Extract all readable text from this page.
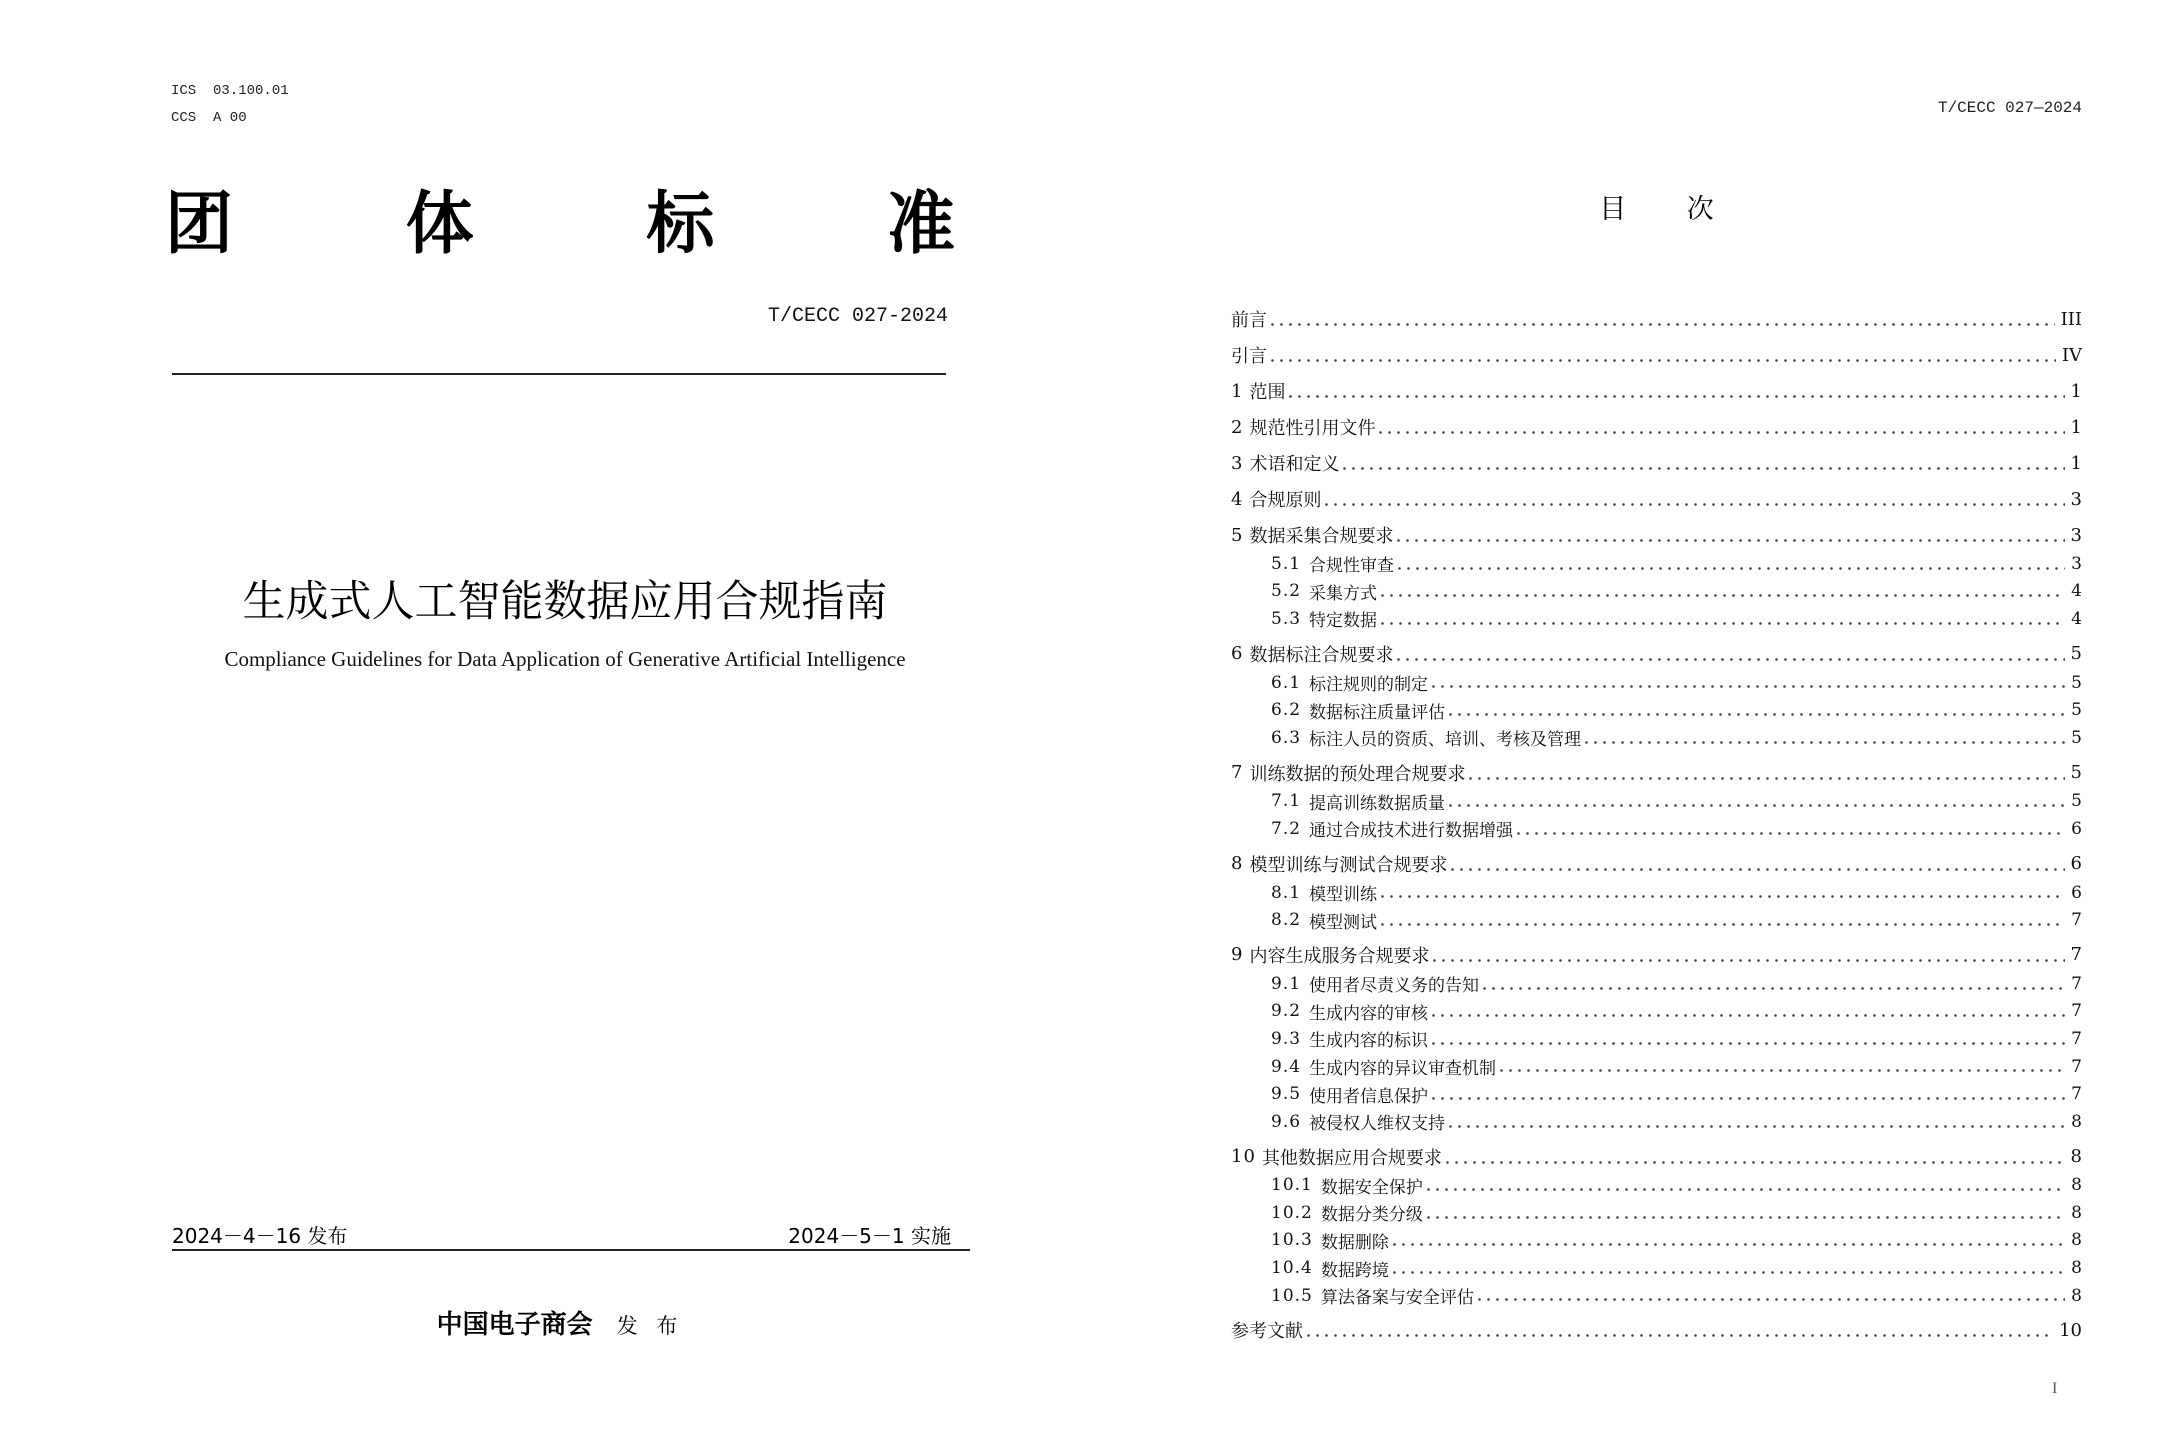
ICS  03.100.01
CCS  A 00
团	体	标	准
T/CECC 027-2024
生成式人工智能数据应用合规指南
Compliance Guidelines for Data Application of Generative Artificial Intelligence
2024－4－16 发布	2024－5－1 实施
中国电子商会 发 布
T/CECC 027—2024
目 次
前言	III
引言	IV
1 范围	1
2 规范性引用文件	1
3 术语和定义	1
4 合规原则	3
5 数据采集合规要求	3
5.1 合规性审查	3
5.2 采集方式	4
5.3 特定数据	4
6 数据标注合规要求	5
6.1 标注规则的制定	5
6.2 数据标注质量评估	5
6.3 标注人员的资质、培训、考核及管理	5
7 训练数据的预处理合规要求	5
7.1 提高训练数据质量	5
7.2 通过合成技术进行数据增强	6
8 模型训练与测试合规要求	6
8.1 模型训练	6
8.2 模型测试	7
9 内容生成服务合规要求	7
9.1 使用者尽责义务的告知	7
9.2 生成内容的审核	7
9.3 生成内容的标识	7
9.4 生成内容的异议审查机制	7
9.5 使用者信息保护	7
9.6 被侵权人维权支持	8
10 其他数据应用合规要求	8
10.1 数据安全保护	8
10.2 数据分类分级	8
10.3 数据删除	8
10.4 数据跨境	8
10.5 算法备案与安全评估	8
参考文献	10
I
